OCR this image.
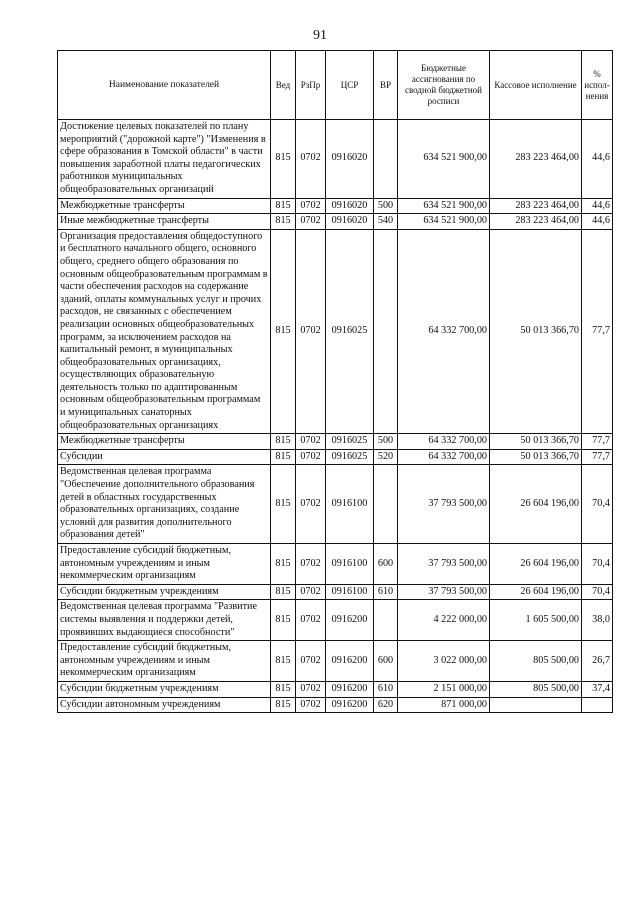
91
Наименование показателей	Вед	РзПр	ЦСР	ВР	Бюджетные ассигнования по сводной бюджетной росписи	Кассовое исполнение	% испол-нения
Достижение целевых показателей по плану мероприятий ("дорожной карте") "Изменения в сфере образования в Томской области" в части повышения заработной платы педагогических работников муниципальных общеобразовательных организаций	815	0702	0916020		634 521 900,00	283 223 464,00	44,6
Межбюджетные трансферты	815	0702	0916020	500	634 521 900,00	283 223 464,00	44,6
Иные межбюджетные трансферты	815	0702	0916020	540	634 521 900,00	283 223 464,00	44,6
Организация предоставления общедоступного и бесплатного начального общего, основного общего, среднего общего образования по основным общеобразовательным программам в части обеспечения расходов на содержание зданий, оплаты коммунальных услуг и прочих расходов, не связанных с обеспечением реализации основных общеобразовательных программ, за исключением расходов на капитальный ремонт, в муниципальных общеобразовательных организациях, осуществляющих образовательную деятельность только по адаптированным основным общеобразовательным программам и муниципальных санаторных общеобразовательных организациях	815	0702	0916025		64 332 700,00	50 013 366,70	77,7
Межбюджетные трансферты	815	0702	0916025	500	64 332 700,00	50 013 366,70	77,7
Субсидии	815	0702	0916025	520	64 332 700,00	50 013 366,70	77,7
Ведомственная целевая программа "Обеспечение дополнительного образования детей в областных государственных образовательных организациях, создание условий для развития дополнительного образования детей"	815	0702	0916100		37 793 500,00	26 604 196,00	70,4
Предоставление субсидий бюджетным, автономным учреждениям и иным некоммерческим организациям	815	0702	0916100	600	37 793 500,00	26 604 196,00	70,4
Субсидии бюджетным учреждениям	815	0702	0916100	610	37 793 500,00	26 604 196,00	70,4
Ведомственная целевая программа "Развитие системы выявления и поддержки детей, проявивших выдающиеся способности"	815	0702	0916200		4 222 000,00	1 605 500,00	38,0
Предоставление субсидий бюджетным, автономным учреждениям и иным некоммерческим организациям	815	0702	0916200	600	3 022 000,00	805 500,00	26,7
Субсидии бюджетным учреждениям	815	0702	0916200	610	2 151 000,00	805 500,00	37,4
Субсидии автономным учреждениям	815	0702	0916200	620	871 000,00		
